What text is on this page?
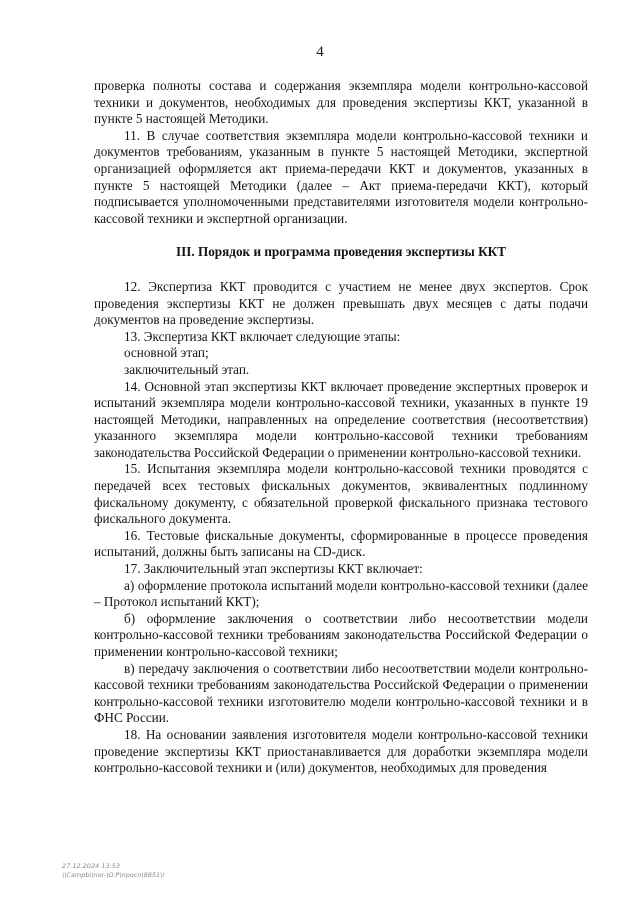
4

проверка полноты состава и содержания экземпляра модели контрольно-кассовой техники и документов, необходимых для проведения экспертизы ККТ, указанной в пункте 5 настоящей Методики.

11. В случае соответствия экземпляра модели контрольно-кассовой техники и документов требованиям, указанным в пункте 5 настоящей Методики, экспертной организацией оформляется акт приема-передачи ККТ и документов, указанных в пункте 5 настоящей Методики (далее – Акт приема-передачи ККТ), который подписывается уполномоченными представителями изготовителя модели контрольно-кассовой техники и экспертной организации.

III. Порядок и программа проведения экспертизы ККТ

12. Экспертиза ККТ проводится с участием не менее двух экспертов. Срок проведения экспертизы ККТ не должен превышать двух месяцев с даты подачи документов на проведение экспертизы.

13. Экспертиза ККТ включает следующие этапы:

основной этап;

заключительный этап.

14. Основной этап экспертизы ККТ включает проведение экспертных проверок и испытаний экземпляра модели контрольно-кассовой техники, указанных в пункте 19 настоящей Методики, направленных на определение соответствия (несоответствия) указанного экземпляра модели контрольно-кассовой техники требованиям законодательства Российской Федерации о применении контрольно-кассовой техники.

15. Испытания экземпляра модели контрольно-кассовой техники проводятся с передачей всех тестовых фискальных документов, эквивалентных подлинному фискальному документу, с обязательной проверкой фискального признака тестового фискального документа.

16. Тестовые фискальные документы, сформированные в процессе проведения испытаний, должны быть записаны на CD-диск.

17. Заключительный этап экспертизы ККТ включает:

а) оформление протокола испытаний модели контрольно-кассовой техники (далее – Протокол испытаний ККТ);

б) оформление заключения о соответствии либо несоответствии модели контрольно-кассовой техники требованиям законодательства Российской Федерации о применении контрольно-кассовой техники;

в) передачу заключения о соответствии либо несоответствии модели контрольно-кассовой техники требованиям законодательства Российской Федерации о применении контрольно-кассовой техники изготовителю модели контрольно-кассовой техники и в ФНС России.

18. На основании заявления изготовителя модели контрольно-кассовой техники проведение экспертизы ККТ приостанавливается для доработки экземпляра модели контрольно-кассовой техники и (или) документов, необходимых для проведения

27.12.2024 13:53
\\Campbi\nor-\O.P\npocn\8851\r
